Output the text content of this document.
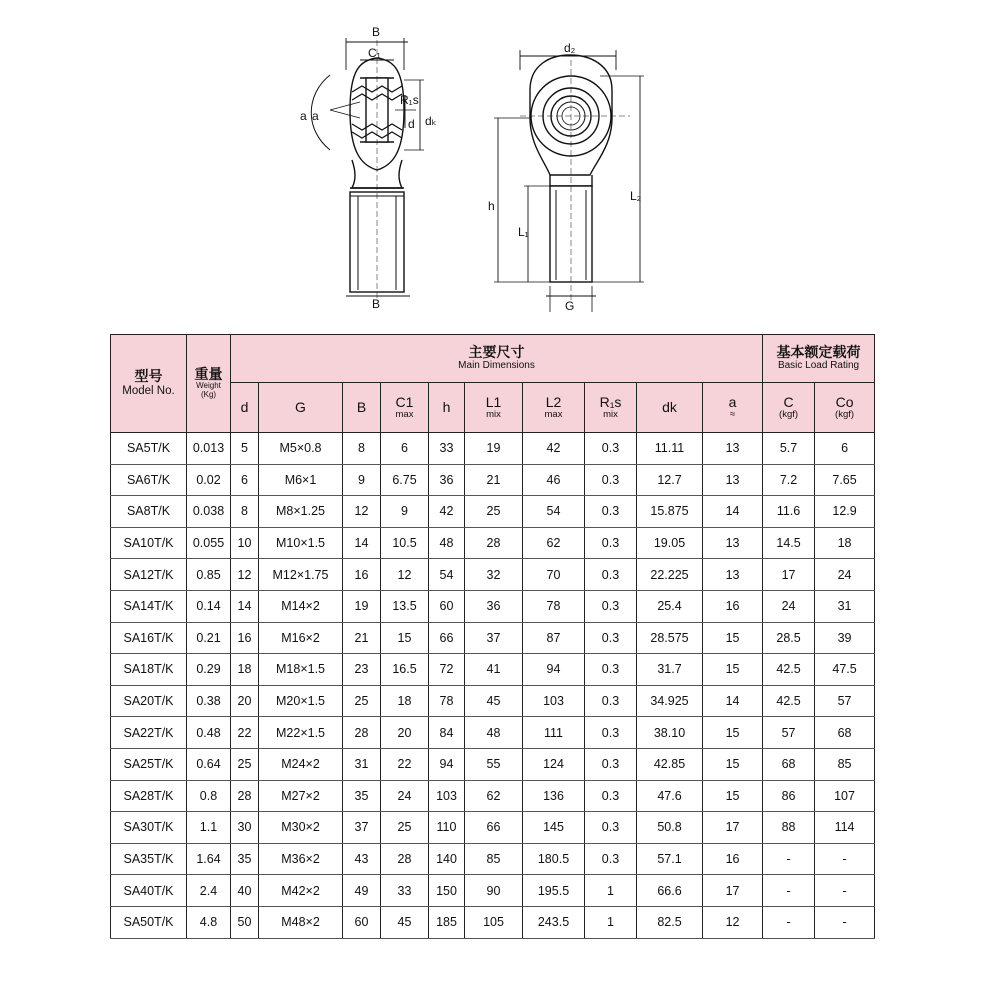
B
C₁
R₁s
d dₖ
a a
B
d₂
h
L₁
L₂
G
型号
Model No.	重量
Weight
(Kg)	主要尺寸
Main Dimensions										基本额定载荷
Basic Load Rating	

		d	G	B	C1
max	h	L1
mix	L2
max	R₁s
mix	dk	a
≈	C
(kgf)	Co
(kgf)

SA5T/K	0.013	5	M5×0.8	8	6	33	19	42	0.3	11.11	13	5.7	6
SA6T/K	0.02	6	M6×1	9	6.75	36	21	46	0.3	12.7	13	7.2	7.65
SA8T/K	0.038	8	M8×1.25	12	9	42	25	54	0.3	15.875	14	11.6	12.9
SA10T/K	0.055	10	M10×1.5	14	10.5	48	28	62	0.3	19.05	13	14.5	18
SA12T/K	0.85	12	M12×1.75	16	12	54	32	70	0.3	22.225	13	17	24
SA14T/K	0.14	14	M14×2	19	13.5	60	36	78	0.3	25.4	16	24	31
SA16T/K	0.21	16	M16×2	21	15	66	37	87	0.3	28.575	15	28.5	39
SA18T/K	0.29	18	M18×1.5	23	16.5	72	41	94	0.3	31.7	15	42.5	47.5
SA20T/K	0.38	20	M20×1.5	25	18	78	45	103	0.3	34.925	14	42.5	57
SA22T/K	0.48	22	M22×1.5	28	20	84	48	111	0.3	38.10	15	57	68
SA25T/K	0.64	25	M24×2	31	22	94	55	124	0.3	42.85	15	68	85
SA28T/K	0.8	28	M27×2	35	24	103	62	136	0.3	47.6	15	86	107
SA30T/K	1.1	30	M30×2	37	25	110	66	145	0.3	50.8	17	88	114
SA35T/K	1.64	35	M36×2	43	28	140	85	180.5	0.3	57.1	16	-	-
SA40T/K	2.4	40	M42×2	49	33	150	90	195.5	1	66.6	17	-	-
SA50T/K	4.8	50	M48×2	60	45	185	105	243.5	1	82.5	12	-	-
